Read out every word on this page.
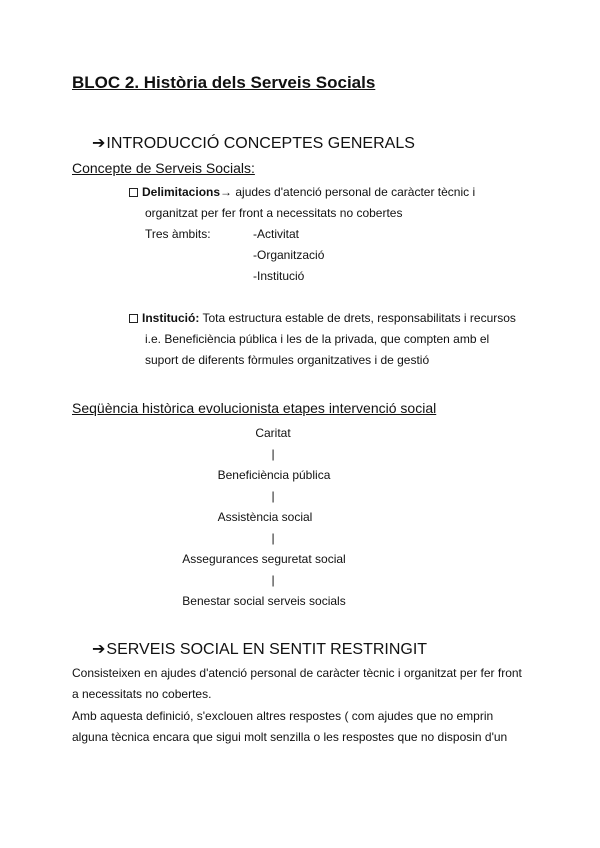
BLOC 2. Història dels Serveis Socials
➔INTRODUCCIÓ CONCEPTES GENERALS
Concepte de Serveis Socials:
Delimitacions→ ajudes d'atenció personal de caràcter tècnic i
organitzat per fer front a necessitats no cobertes
Tres àmbits:	-Activitat
-Organització
-Institució
Institució: Tota estructura estable de drets, responsabilitats i recursos
i.e. Beneficiència pública i les de la privada, que compten amb el
suport de diferents fòrmules organitzatives i de gestió
Seqüència històrica evolucionista etapes intervenció social
Caritat
|
Beneficiència pública
|
Assistència social
|
Assegurances seguretat social
|
Benestar social serveis socials
➔SERVEIS SOCIAL EN SENTIT RESTRINGIT
Consisteixen en ajudes d'atenció personal de caràcter tècnic i organitzat per fer front
a necessitats no cobertes.
Amb aquesta definició, s'exclouen altres respostes ( com ajudes que no emprin
alguna tècnica encara que sigui molt senzilla o les respostes que no disposin d'un
